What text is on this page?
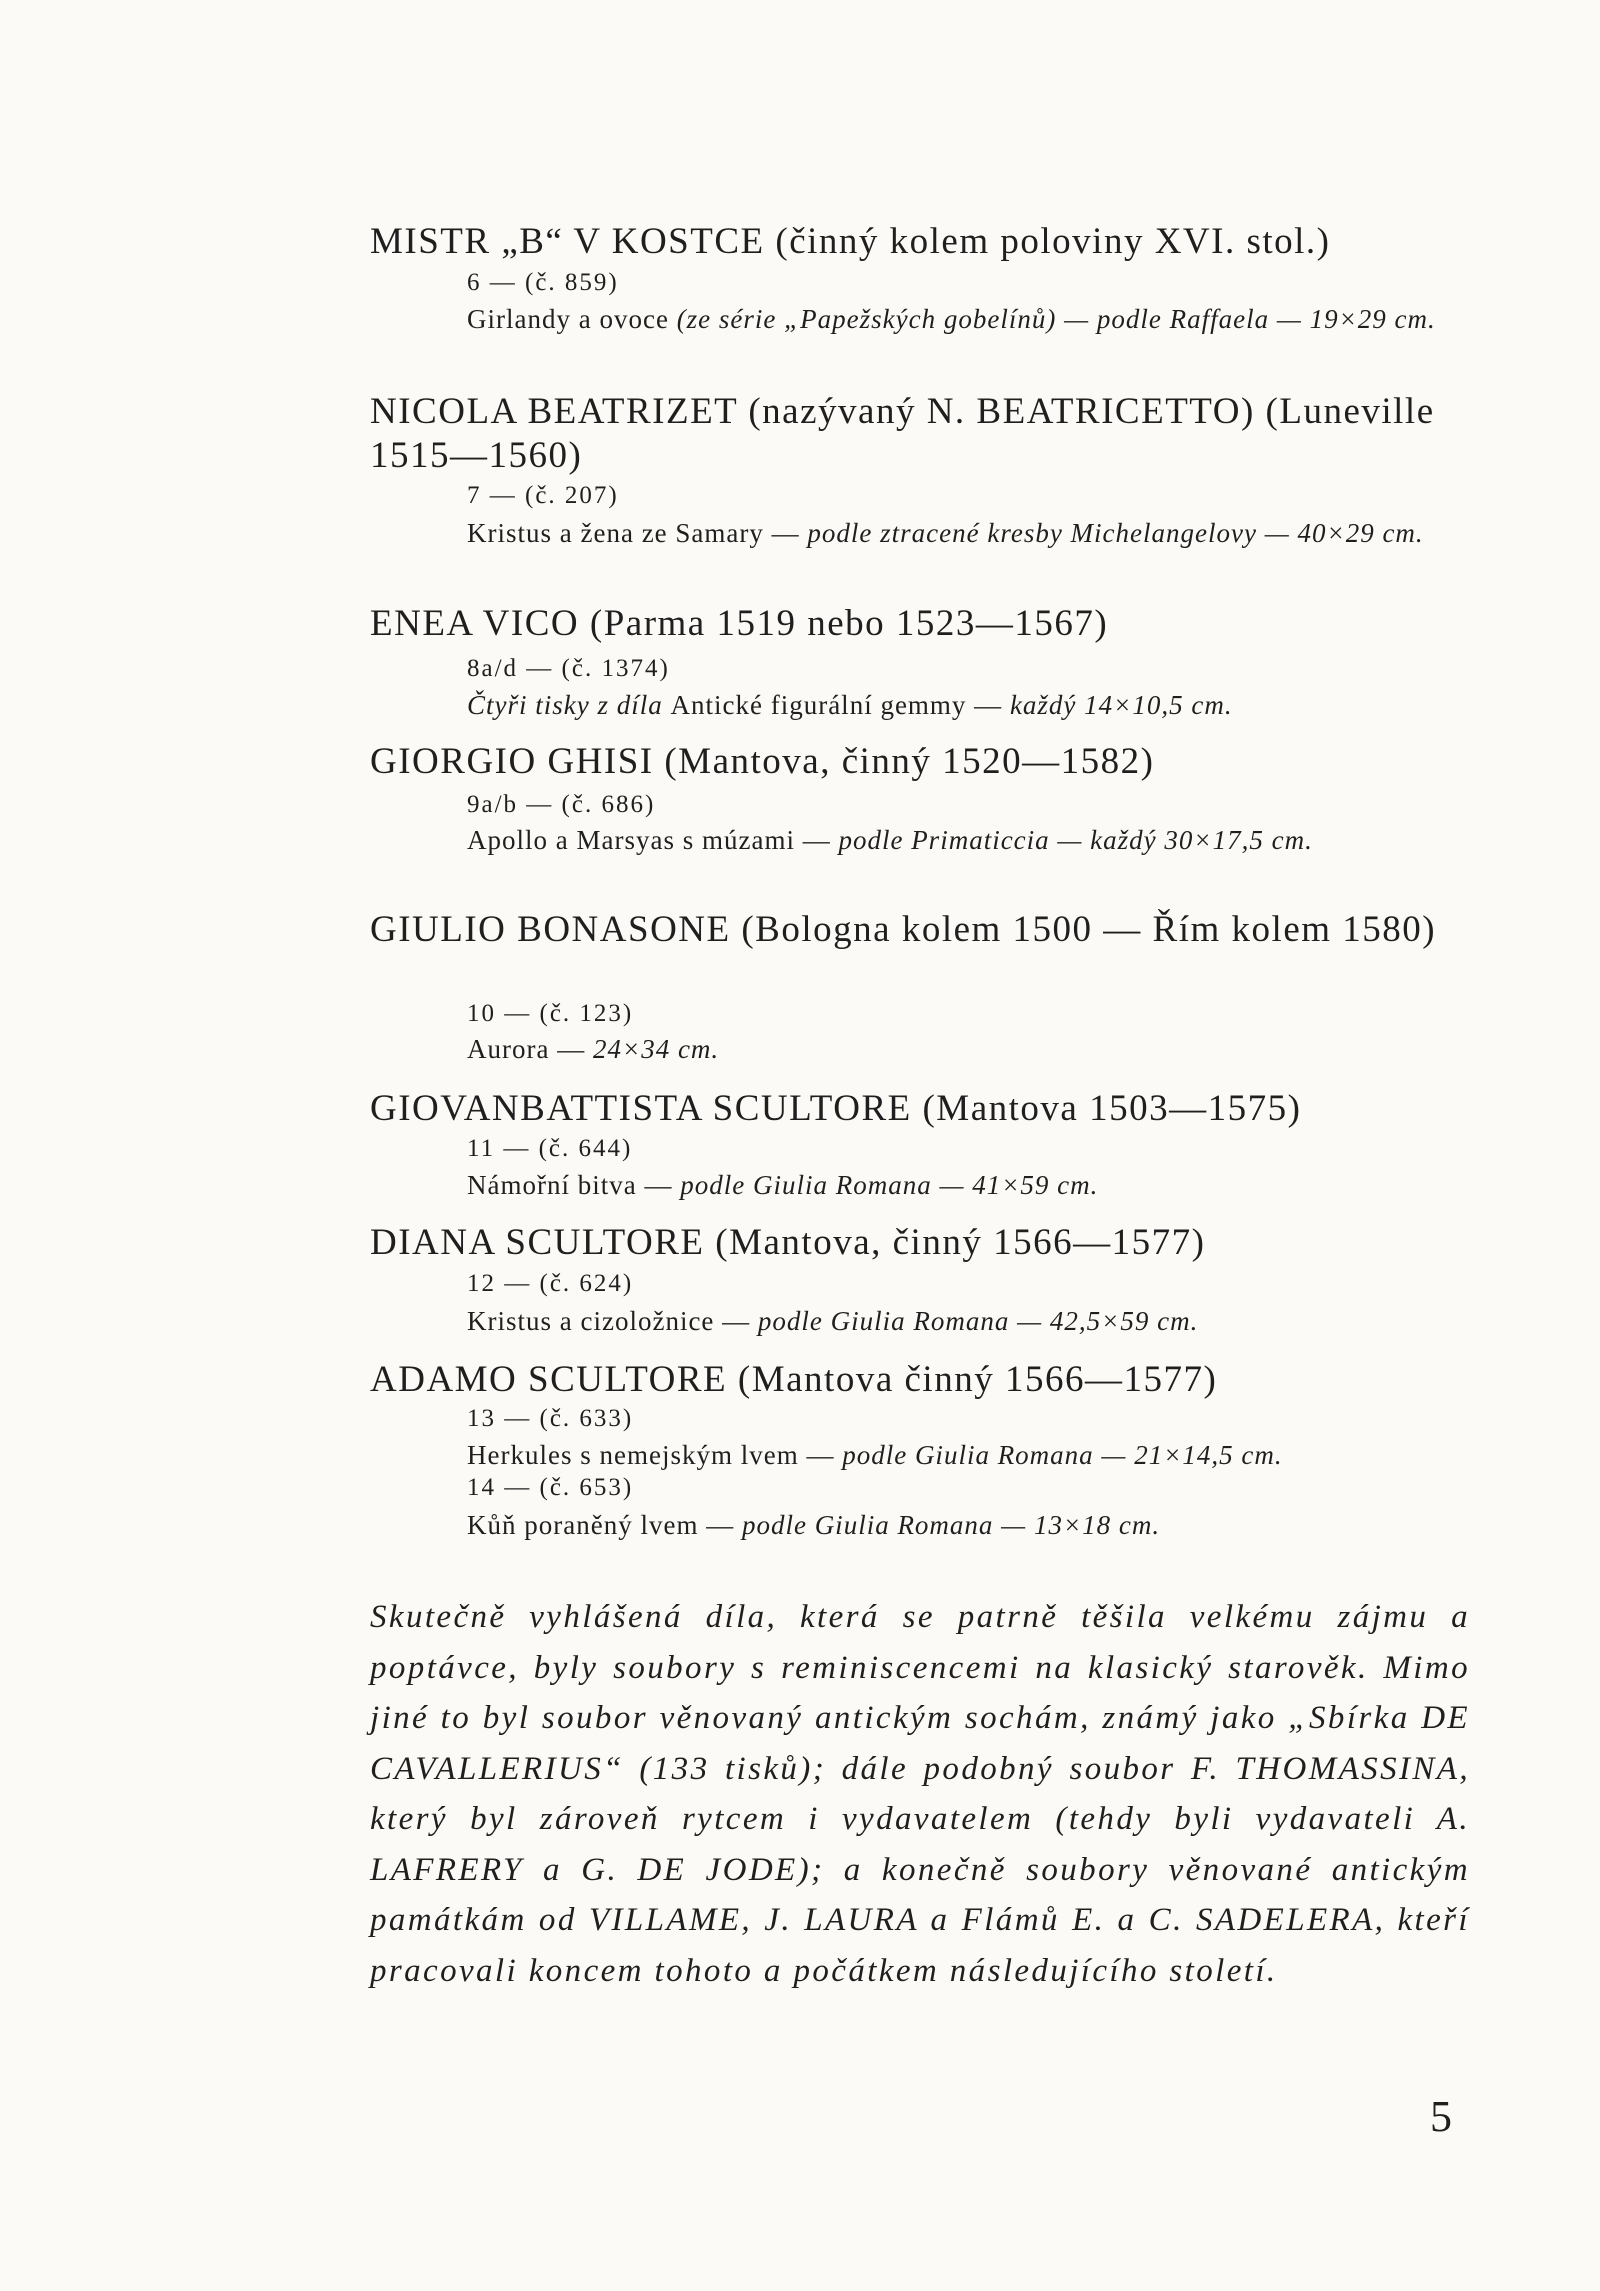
MISTR „B“ V KOSTCE (činný kolem poloviny XVI. stol.)
6 — (č. 859)
Girlandy a ovoce (ze série „Papežských gobelínů) — podle Raffaela — 19×29 cm.
NICOLA BEATRIZET (nazývaný N. BEATRICETTO) (Luneville 1515—1560)
7 — (č. 207)
Kristus a žena ze Samary — podle ztracené kresby Michelangelovy — 40×29 cm.
ENEA VICO (Parma 1519 nebo 1523—1567)
8a/d — (č. 1374)
Čtyři tisky z díla Antické figurální gemmy — každý 14×10,5 cm.
GIORGIO GHISI (Mantova, činný 1520—1582)
9a/b — (č. 686)
Apollo a Marsyas s múzami — podle Primaticcia — každý 30×17,5 cm.
GIULIO BONASONE (Bologna kolem 1500 — Řím kolem 1580)
10 — (č. 123)
Aurora — 24×34 cm.
GIOVANBATTISTA SCULTORE (Mantova 1503—1575)
11 — (č. 644)
Námořní bitva — podle Giulia Romana — 41×59 cm.
DIANA SCULTORE (Mantova, činný 1566—1577)
12 — (č. 624)
Kristus a cizoložnice — podle Giulia Romana — 42,5×59 cm.
ADAMO SCULTORE (Mantova činný 1566—1577)
13 — (č. 633)
Herkules s nemejským lvem — podle Giulia Romana — 21×14,5 cm.
14 — (č. 653)
Kůň poraněný lvem — podle Giulia Romana — 13×18 cm.
Skutečně vyhlášená díla, která se patrně těšila velkému zájmu a poptávce, byly soubory s reminiscencemi na klasický starověk. Mimo jiné to byl soubor věnovaný antickým sochám, známý jako „Sbírka DE CAVALLERIUS“ (133 tisků); dále podobný soubor F. THOMASSINA, který byl zároveň rytcem i vydavatelem (tehdy byli vydavateli A. LAFRERY a G. DE JODE); a konečně soubory věnované antickým památkám od VILLAME, J. LAURA a Flámů E. a C. SADELERA, kteří pracovali koncem tohoto a počátkem následujícího století.
5
